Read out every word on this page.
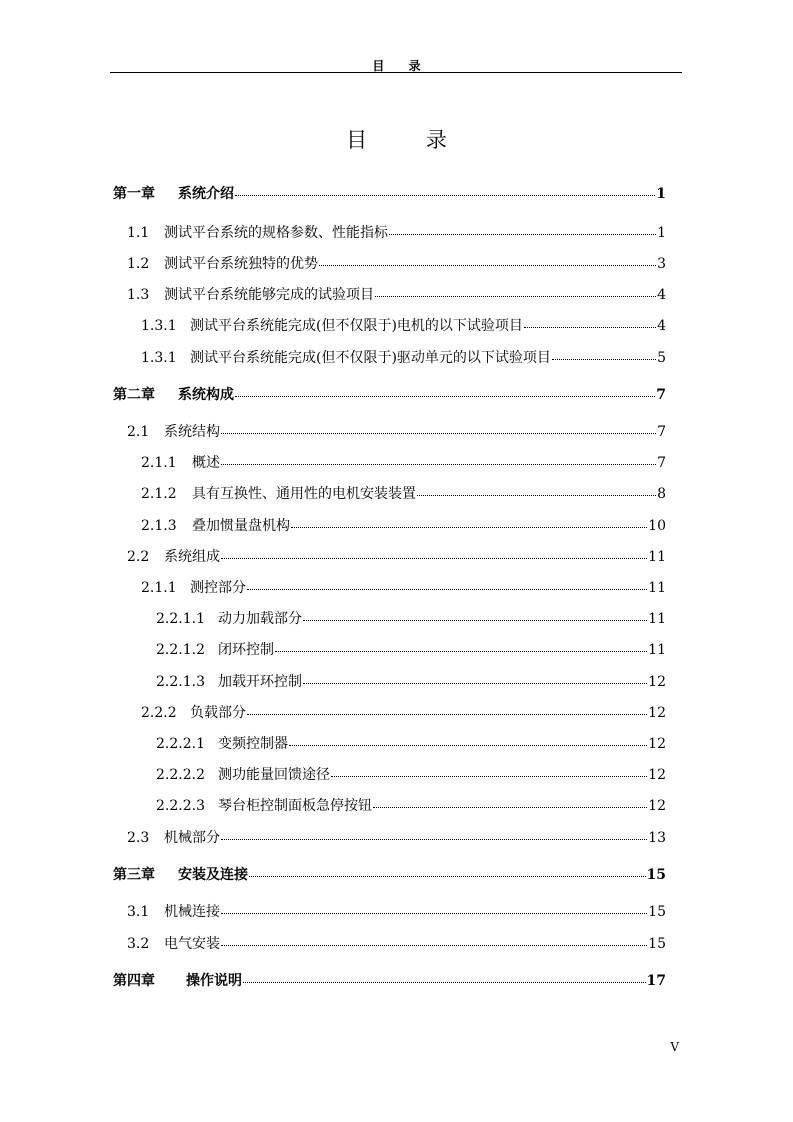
目 录
目 录
第一章	系统介绍	1
1.1	测试平台系统的规格参数、性能指标	1
1.2	测试平台系统独特的优势	3
1.3	测试平台系统能够完成的试验项目	4
1.3.1 测试平台系统能完成(但不仅限于)电机的以下试验项目	4
1.3.1 测试平台系统能完成(但不仅限于)驱动单元的以下试验项目	5
第二章	系统构成	7
2.1	系统结构	7
2.1.1	概述	7
2.1.2	具有互换性、通用性的电机安装装置	8
2.1.3	叠加惯量盘机构	10
2.2	系统组成	11
2.1.1 测控部分	11
2.2.1.1 动力加载部分	11
2.2.1.2 闭环控制	11
2.2.1.3 加载开环控制	12
2.2.2 负载部分	12
2.2.2.1 变频控制器	12
2.2.2.2 测功能量回馈途径	12
2.2.2.3 琴台柜控制面板急停按钮	12
2.3	机械部分	13
第三章	安装及连接	15
3.1	机械连接	15
3.2	电气安装	15
第四章	操作说明	17
V
